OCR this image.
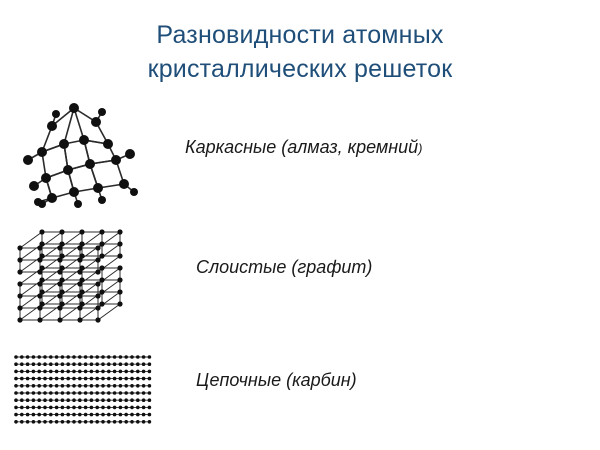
Разновидности атомных
кристаллических решеток
Каркасные (алмаз, кремний)
Слоистые (графит)
Цепочные (карбин)
